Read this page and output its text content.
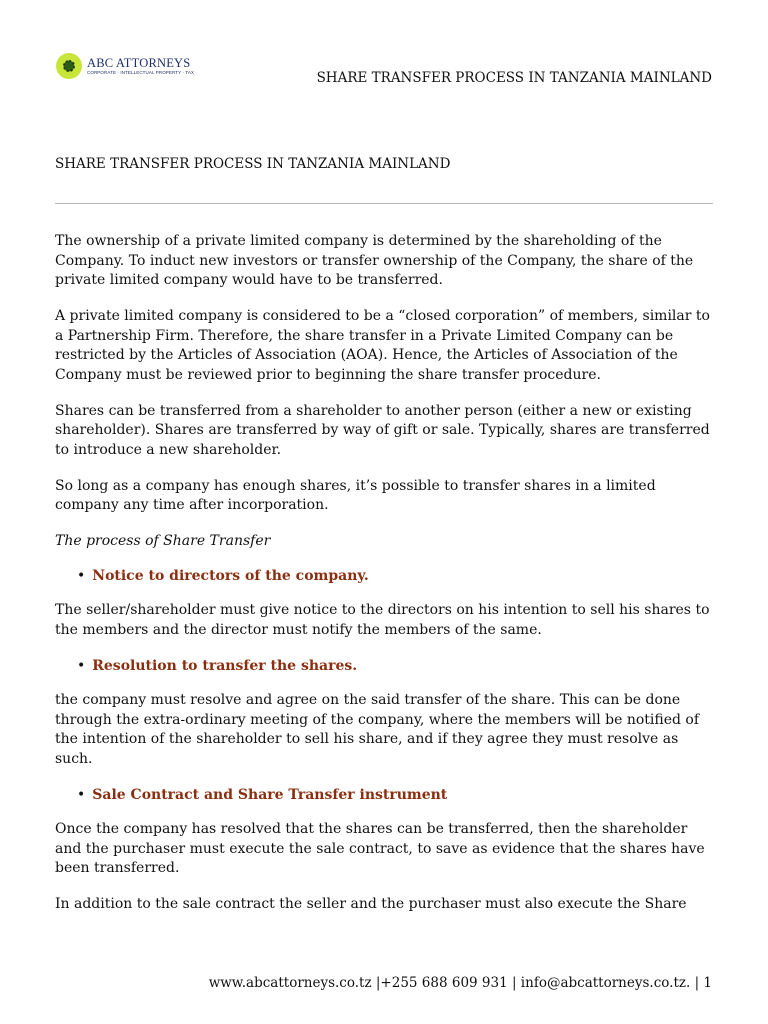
ABC ATTORNEYS
CORPORATE · INTELLECTUAL PROPERTY · TAX	SHARE TRANSFER PROCESS IN TANZANIA MAINLAND
SHARE TRANSFER PROCESS IN TANZANIA MAINLAND

The ownership of a private limited company is determined by the shareholding of the Company. To induct new investors or transfer ownership of the Company, the share of the private limited company would have to be transferred.

A private limited company is considered to be a “closed corporation” of members, similar to a Partnership Firm. Therefore, the share transfer in a Private Limited Company can be restricted by the Articles of Association (AOA). Hence, the Articles of Association of the Company must be reviewed prior to beginning the share transfer procedure.

Shares can be transferred from a shareholder to another person (either a new or existing shareholder). Shares are transferred by way of gift or sale. Typically, shares are transferred to introduce a new shareholder.

So long as a company has enough shares, it’s possible to transfer shares in a limited company any time after incorporation.

The process of Share Transfer

• Notice to directors of the company.

The seller/shareholder must give notice to the directors on his intention to sell his shares to the members and the director must notify the members of the same.

• Resolution to transfer the shares.

the company must resolve and agree on the said transfer of the share. This can be done through the extra-ordinary meeting of the company, where the members will be notified of the intention of the shareholder to sell his share, and if they agree they must resolve as such.

• Sale Contract and Share Transfer instrument

Once the company has resolved that the shares can be transferred, then the shareholder and the purchaser must execute the sale contract, to save as evidence that the shares have been transferred.

In addition to the sale contract the seller and the purchaser must also execute the Share

www.abcattorneys.co.tz |+255 688 609 931 | info@abcattorneys.co.tz. | 1
